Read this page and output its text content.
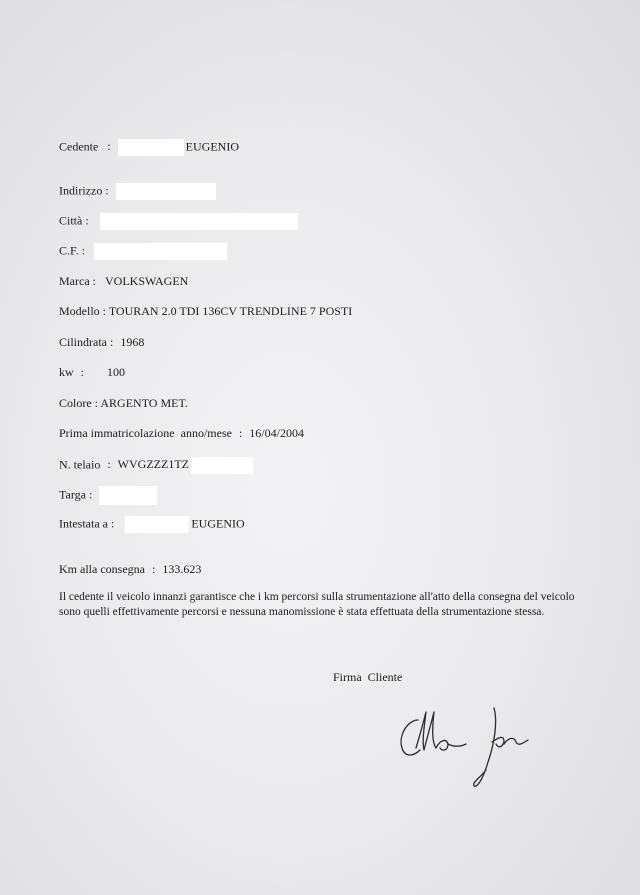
Cedente :	EUGENIO
Indirizzo :
Città :
C.F. :
Marca : VOLKSWAGEN
Modello : TOURAN 2.0 TDI 136CV TRENDLINE 7 POSTI
Cilindrata : 1968
kw : 100
Colore : ARGENTO MET.
Prima immatricolazione  anno/mese : 16/04/2004
N. telaio : WVGZZZ1TZ
Targa :
Intestata a :	EUGENIO
Km alla consegna : 133.623
Il cedente il veicolo innanzi garantisce che i km percorsi sulla strumentazione all'atto della consegna del veicolo sono quelli effettivamente percorsi e nessuna manomissione è stata effettuata della strumentazione stessa.
Firma  Cliente
